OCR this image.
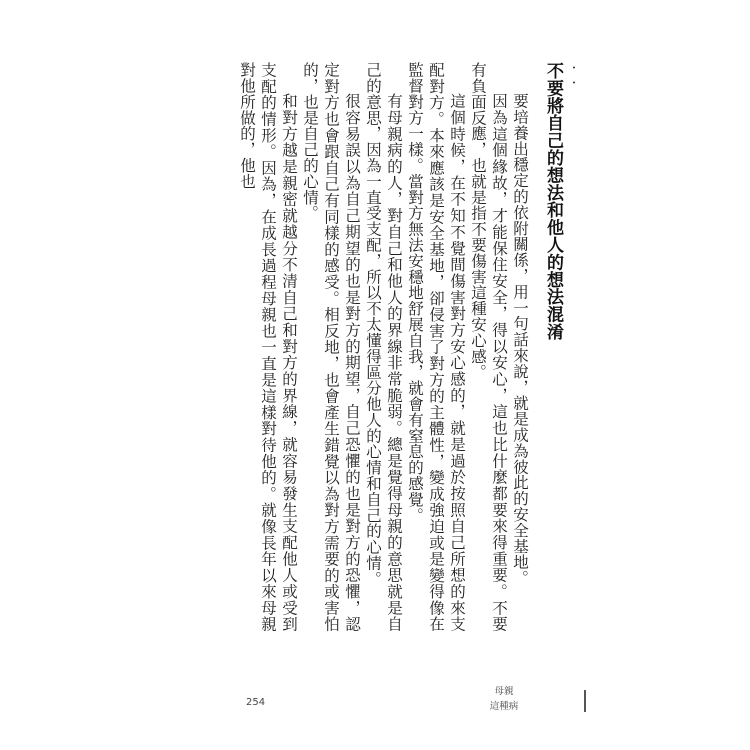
・・
不要將自己的想法和他人的想法混淆
要培養出穩定的依附關係，用一句話來說，就是成為彼此的安全基地。
因為這個緣故，才能保住安全，得以安心，這也比什麼都要來得重要。不要有負面反應，也就是指不要傷害這種安心感。
這個時候，在不知不覺間傷害對方安心感的，就是過於按照自己所想的來支配對方。本來應該是安全基地，卻侵害了對方的主體性，變成強迫或是變得像在監督對方一樣。當對方無法安穩地舒展自我，就會有窒息的感覺。
有母親病的人，對自己和他人的界線非常脆弱。總是覺得母親的意思就是自己的意思，因為一直受支配，所以不太懂得區分他人的心情和自己的心情。
很容易誤以為自己期望的也是對方的期望，自己恐懼的也是對方的恐懼，認定對方也會跟自己有同樣的感受。相反地，也會產生錯覺以為對方需要的或害怕的，也是自己的心情。
和對方越是親密就越分不清自己和對方的界線，就容易發生支配他人或受到支配的情形。因為，在成長過程母親也一直是這樣對待他的。就像長年以來母親對他所做的，他也
254
母親
這種病
